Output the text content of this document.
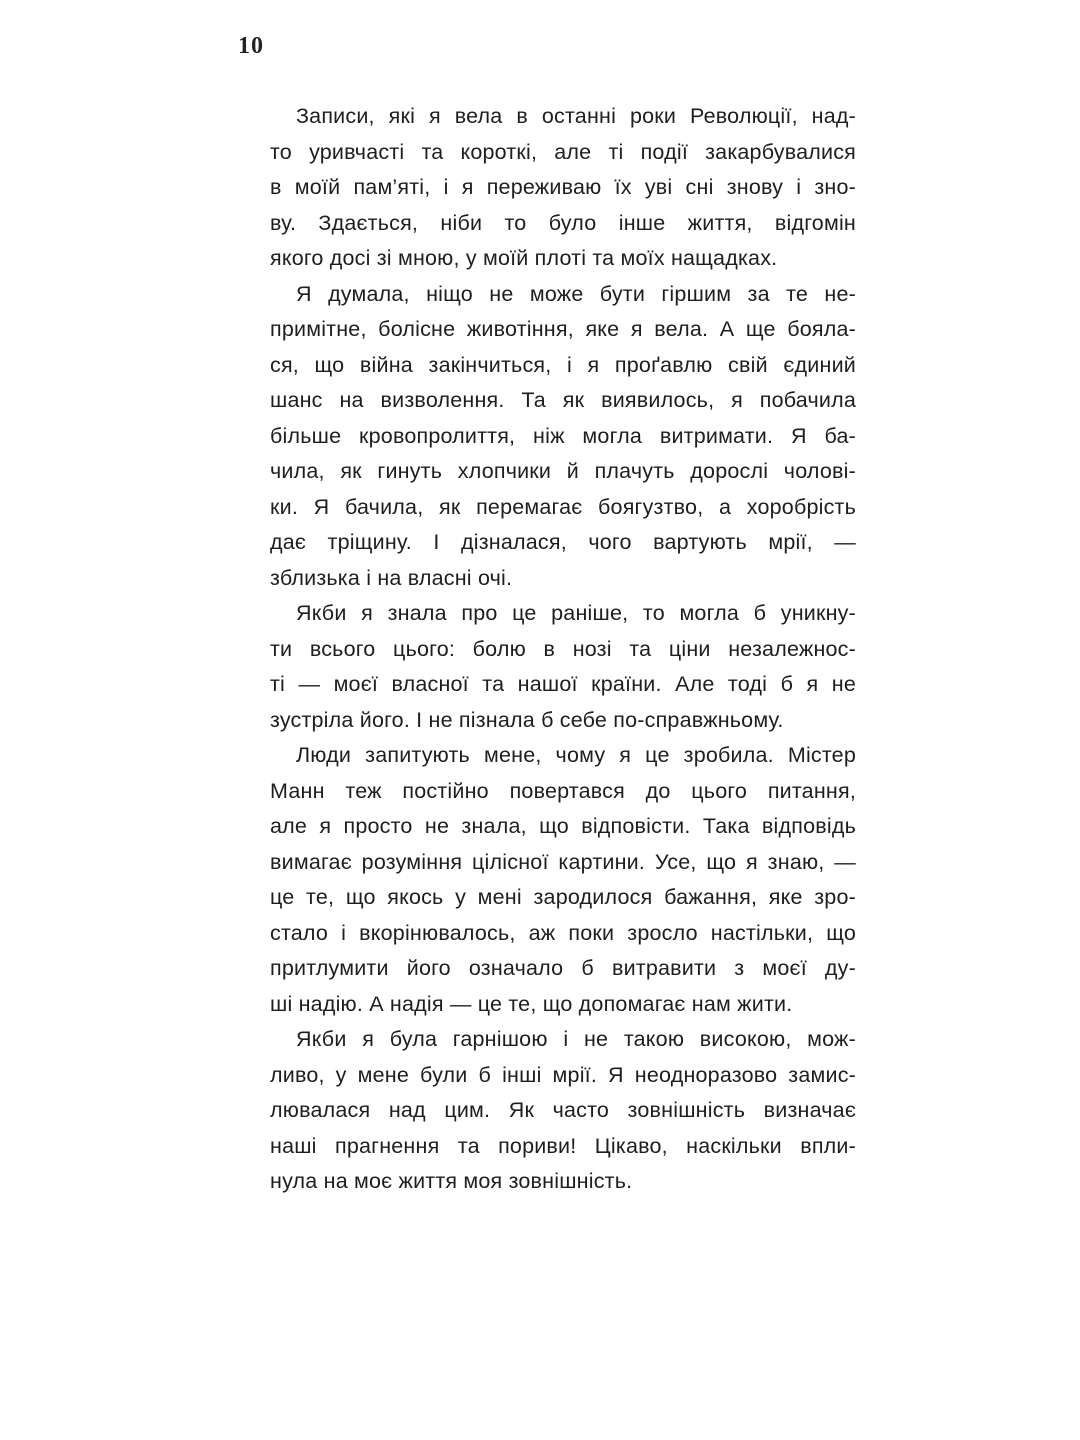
10
Записи, які я вела в останні роки Революції, над-
то уривчасті та короткі, але ті події закарбувалися
в моїй пам’яті, і я переживаю їх уві сні знову і зно-
ву. Здається, ніби то було інше життя, відгомін
якого досі зі мною, у моїй плоті та моїх нащадках.
Я думала, ніщо не може бути гіршим за те не-
примітне, болісне животіння, яке я вела. А ще бояла-
ся, що війна закінчиться, і я проґавлю свій єдиний
шанс на визволення. Та як виявилось, я побачила
більше кровопролиття, ніж могла витримати. Я ба-
чила, як гинуть хлопчики й плачуть дорослі чолові-
ки. Я бачила, як перемагає боягузтво, а хоробрість
дає тріщину. І дізналася, чого вартують мрії, —
зблизька і на власні очі.
Якби я знала про це раніше, то могла б уникну-
ти всього цього: болю в нозі та ціни незалежнос-
ті — моєї власної та нашої країни. Але тоді б я не
зустріла його. І не пізнала б себе по-справжньому.
Люди запитують мене, чому я це зробила. Містер
Манн теж постійно повертався до цього питання,
але я просто не знала, що відповісти. Така відповідь
вимагає розуміння цілісної картини. Усе, що я знаю, —
це те, що якось у мені зародилося бажання, яке зро-
стало і вкорінювалось, аж поки зросло настільки, що
притлумити його означало б витравити з моєї ду-
ші надію. А надія — це те, що допомагає нам жити.
Якби я була гарнішою і не такою високою, мож-
ливо, у мене були б інші мрії. Я неодноразово замис-
лювалася над цим. Як часто зовнішність визначає
наші прагнення та пориви! Цікаво, наскільки впли-
нула на моє життя моя зовнішність.
